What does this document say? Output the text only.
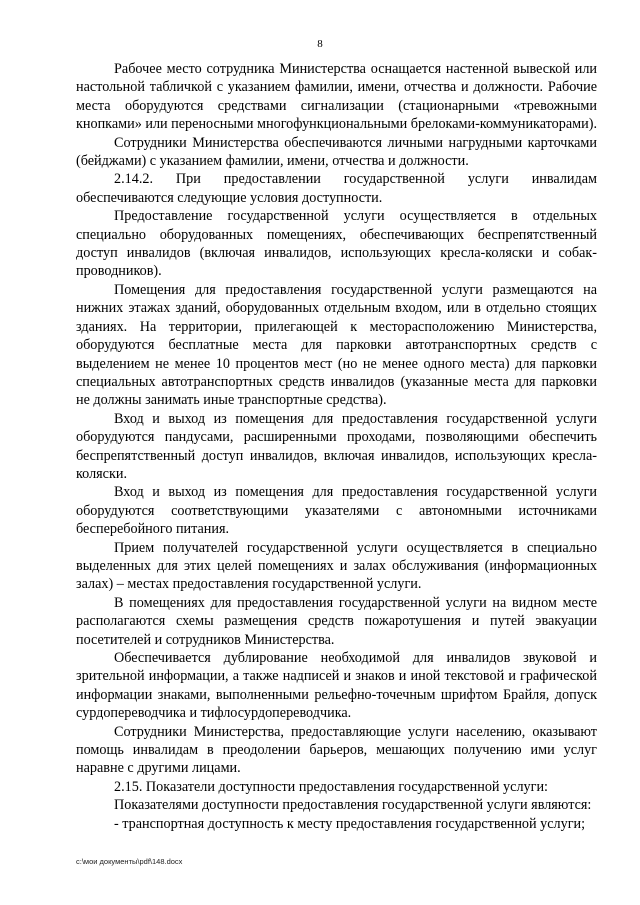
8

Рабочее место сотрудника Министерства оснащается настенной вывеской или настольной табличкой с указанием фамилии, имени, отчества и должности. Рабочие места оборудуются средствами сигнализации (стационарными «тревожными кнопками» или переносными многофункциональными брелоками-коммуникаторами).

Сотрудники Министерства обеспечиваются личными нагрудными карточками (бейджами) с указанием фамилии, имени, отчества и должности.

2.14.2. При предоставлении государственной услуги инвалидам обеспечиваются следующие условия доступности.

Предоставление государственной услуги осуществляется в отдельных специально оборудованных помещениях, обеспечивающих беспрепятственный доступ инвалидов (включая инвалидов, использующих кресла-коляски и собак-проводников).

Помещения для предоставления государственной услуги размещаются на нижних этажах зданий, оборудованных отдельным входом, или в отдельно стоящих зданиях. На территории, прилегающей к месторасположению Министерства, оборудуются бесплатные места для парковки автотранспортных средств с выделением не менее 10 процентов мест (но не менее одного места) для парковки специальных автотранспортных средств инвалидов (указанные места для парковки не должны занимать иные транспортные средства).

Вход и выход из помещения для предоставления государственной услуги оборудуются пандусами, расширенными проходами, позволяющими обеспечить беспрепятственный доступ инвалидов, включая инвалидов, использующих кресла-коляски.

Вход и выход из помещения для предоставления государственной услуги оборудуются соответствующими указателями с автономными источниками бесперебойного питания.

Прием получателей государственной услуги осуществляется в специально выделенных для этих целей помещениях и залах обслуживания (информационных залах) – местах предоставления государственной услуги.

В помещениях для предоставления государственной услуги на видном месте располагаются схемы размещения средств пожаротушения и путей эвакуации посетителей и сотрудников Министерства.

Обеспечивается дублирование необходимой для инвалидов звуковой и зрительной информации, а также надписей и знаков и иной текстовой и графической информации знаками, выполненными рельефно-точечным шрифтом Брайля, допуск сурдопереводчика и тифлосурдопереводчика.

Сотрудники Министерства, предоставляющие услуги населению, оказывают помощь инвалидам в преодолении барьеров, мешающих получению ими услуг наравне с другими лицами.

2.15. Показатели доступности предоставления государственной услуги:

Показателями доступности предоставления государственной услуги являются:

- транспортная доступность к месту предоставления государственной услуги;

c:\мои документы\pdf\148.docx
